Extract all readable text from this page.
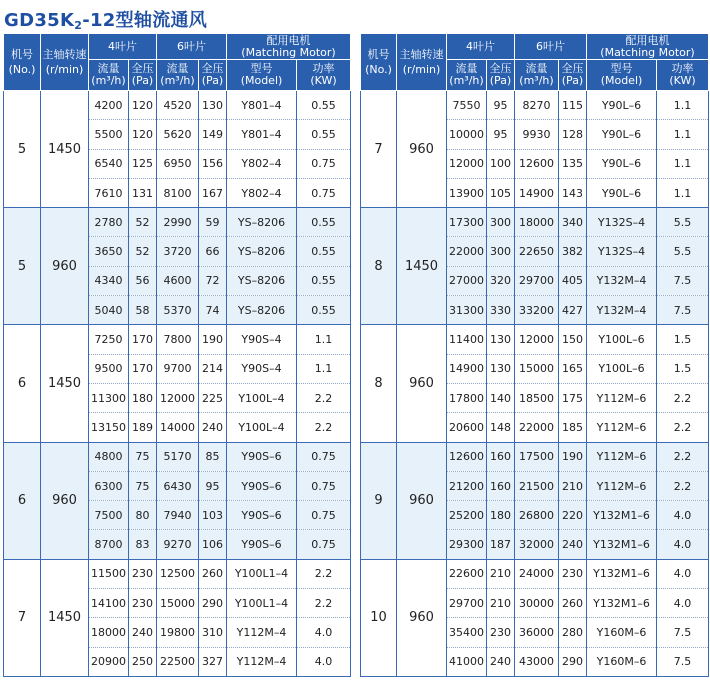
$GD35K_2-12$型轴流通风
机号
(No.)	主轴转速
(r/min)	4叶片		6叶片		配用电机
(Matching Motor)	
		流量
(m³/h)	全压
(Pa)	流量
(m³/h)	全压
(Pa)	型号
(Model)	功率
(KW)
5	1450	4200	120	4520	130	Y801–4	0.55
		5500	120	5620	149	Y801–4	0.55
		6540	125	6950	156	Y802–4	0.75
		7610	131	8100	167	Y802–4	0.75
5	960	2780	52	2990	59	YS–8206	0.55
		3650	52	3720	66	YS–8206	0.55
		4340	56	4600	72	YS–8206	0.55
		5040	58	5370	74	YS–8206	0.55
6	1450	7250	170	7800	190	Y90S–4	1.1
		9500	170	9700	214	Y90S–4	1.1
		11300	180	12000	225	Y100L–4	2.2
		13150	189	14000	240	Y100L–4	2.2
6	960	4800	75	5170	85	Y90S–6	0.75
		6300	75	6430	95	Y90S–6	0.75
		7500	80	7940	103	Y90S–6	0.75
		8700	83	9270	106	Y90S–6	0.75
7	1450	11500	230	12500	260	Y100L1–4	2.2
		14100	230	15000	290	Y100L1–4	2.2
		18000	240	19800	310	Y112M–4	4.0
		20900	250	22500	327	Y112M–4	4.0
机号
(No.)	主轴转速
(r/min)	4叶片		6叶片		配用电机
(Matching Motor)	
		流量
(m³/h)	全压
(Pa)	流量
(m³/h)	全压
(Pa)	型号
(Model)	功率
(KW)
7	960	7550	95	8270	115	Y90L–6	1.1
		10000	95	9930	128	Y90L–6	1.1
		12000	100	12600	135	Y90L–6	1.1
		13900	105	14900	143	Y90L–6	1.1
8	1450	17300	300	18000	340	Y132S–4	5.5
		22000	300	22650	382	Y132S–4	5.5
		27000	320	29700	405	Y132M–4	7.5
		31300	330	33200	427	Y132M–4	7.5
8	960	11400	130	12000	150	Y100L–6	1.5
		14900	130	15000	165	Y100L–6	1.5
		17800	140	18500	175	Y112M–6	2.2
		20600	148	22000	185	Y112M–6	2.2
9	960	12600	160	17500	190	Y112M–6	2.2
		21200	160	21500	210	Y112M–6	2.2
		25200	180	26800	220	Y132M1–6	4.0
		29300	187	32000	240	Y132M1–6	4.0
10	960	22600	210	24000	230	Y132M1–6	4.0
		29700	210	30000	260	Y132M1–6	4.0
		35400	230	36000	280	Y160M–6	7.5
		41000	240	43000	290	Y160M–6	7.5
